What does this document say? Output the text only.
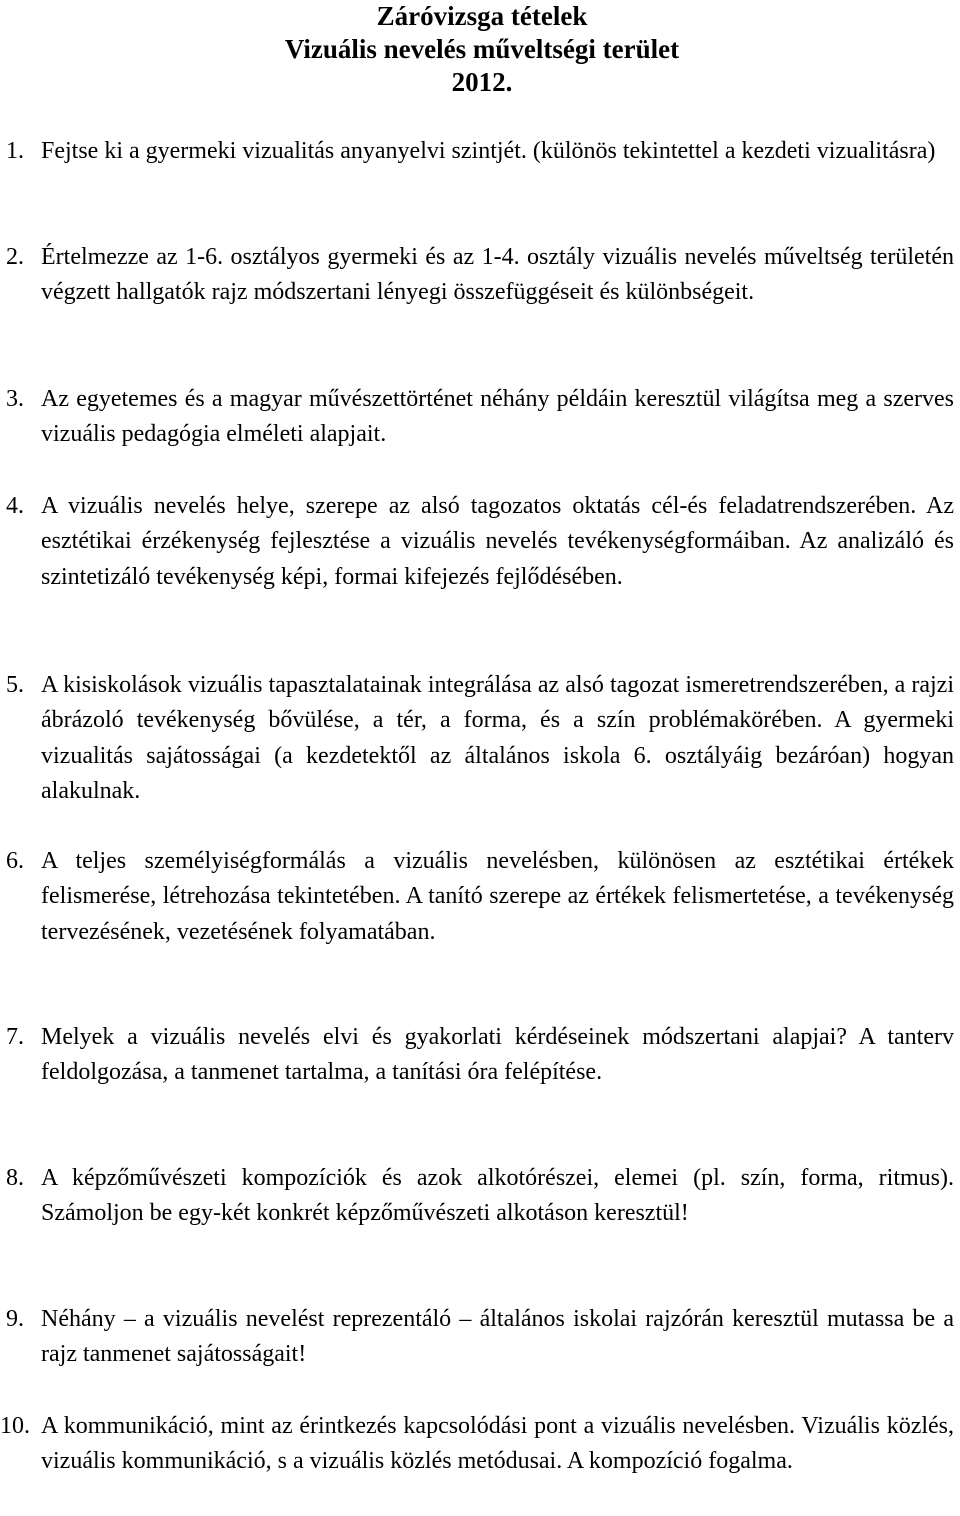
Záróvizsga tételek
Vizuális nevelés műveltségi terület
2012.
1. Fejtse ki a gyermeki vizualitás anyanyelvi szintjét. (különös tekintettel a kezdeti vizualitásra)
2. Értelmezze az 1-6. osztályos gyermeki és az 1-4. osztály vizuális nevelés műveltség területén végzett hallgatók rajz módszertani lényegi összefüggéseit és különbségeit.
3. Az egyetemes és a magyar művészettörténet néhány példáin keresztül világítsa meg a szerves vizuális pedagógia elméleti alapjait.
4. A vizuális nevelés helye, szerepe az alsó tagozatos oktatás cél-és feladatrendszerében. Az esztétikai érzékenység fejlesztése a vizuális nevelés tevékenységformáiban. Az analizáló és szintetizáló tevékenység képi, formai kifejezés fejlődésében.
5. A kisiskolások vizuális tapasztalatainak integrálása az alsó tagozat ismeretrendszerében, a rajzi ábrázoló tevékenység bővülése, a tér, a forma, és a szín problémakörében. A gyermeki vizualitás sajátosságai (a kezdetektől az általános iskola 6. osztályáig bezáróan) hogyan alakulnak.
6. A teljes személyiségformálás a vizuális nevelésben, különösen az esztétikai értékek felismerése, létrehozása tekintetében. A tanító szerepe az értékek felismertetése, a tevékenység tervezésének, vezetésének folyamatában.
7. Melyek a vizuális nevelés elvi és gyakorlati kérdéseinek módszertani alapjai? A tanterv feldolgozása, a tanmenet tartalma, a tanítási óra felépítése.
8. A képzőművészeti kompozíciók és azok alkotórészei, elemei (pl. szín, forma, ritmus). Számoljon be egy-két konkrét képzőművészeti alkotáson keresztül!
9. Néhány – a vizuális nevelést reprezentáló – általános iskolai rajzórán keresztül mutassa be a rajz tanmenet sajátosságait!
10. A kommunikáció, mint az érintkezés kapcsolódási pont a vizuális nevelésben. Vizuális közlés, vizuális kommunikáció, s a vizuális közlés metódusai. A kompozíció fogalma.
